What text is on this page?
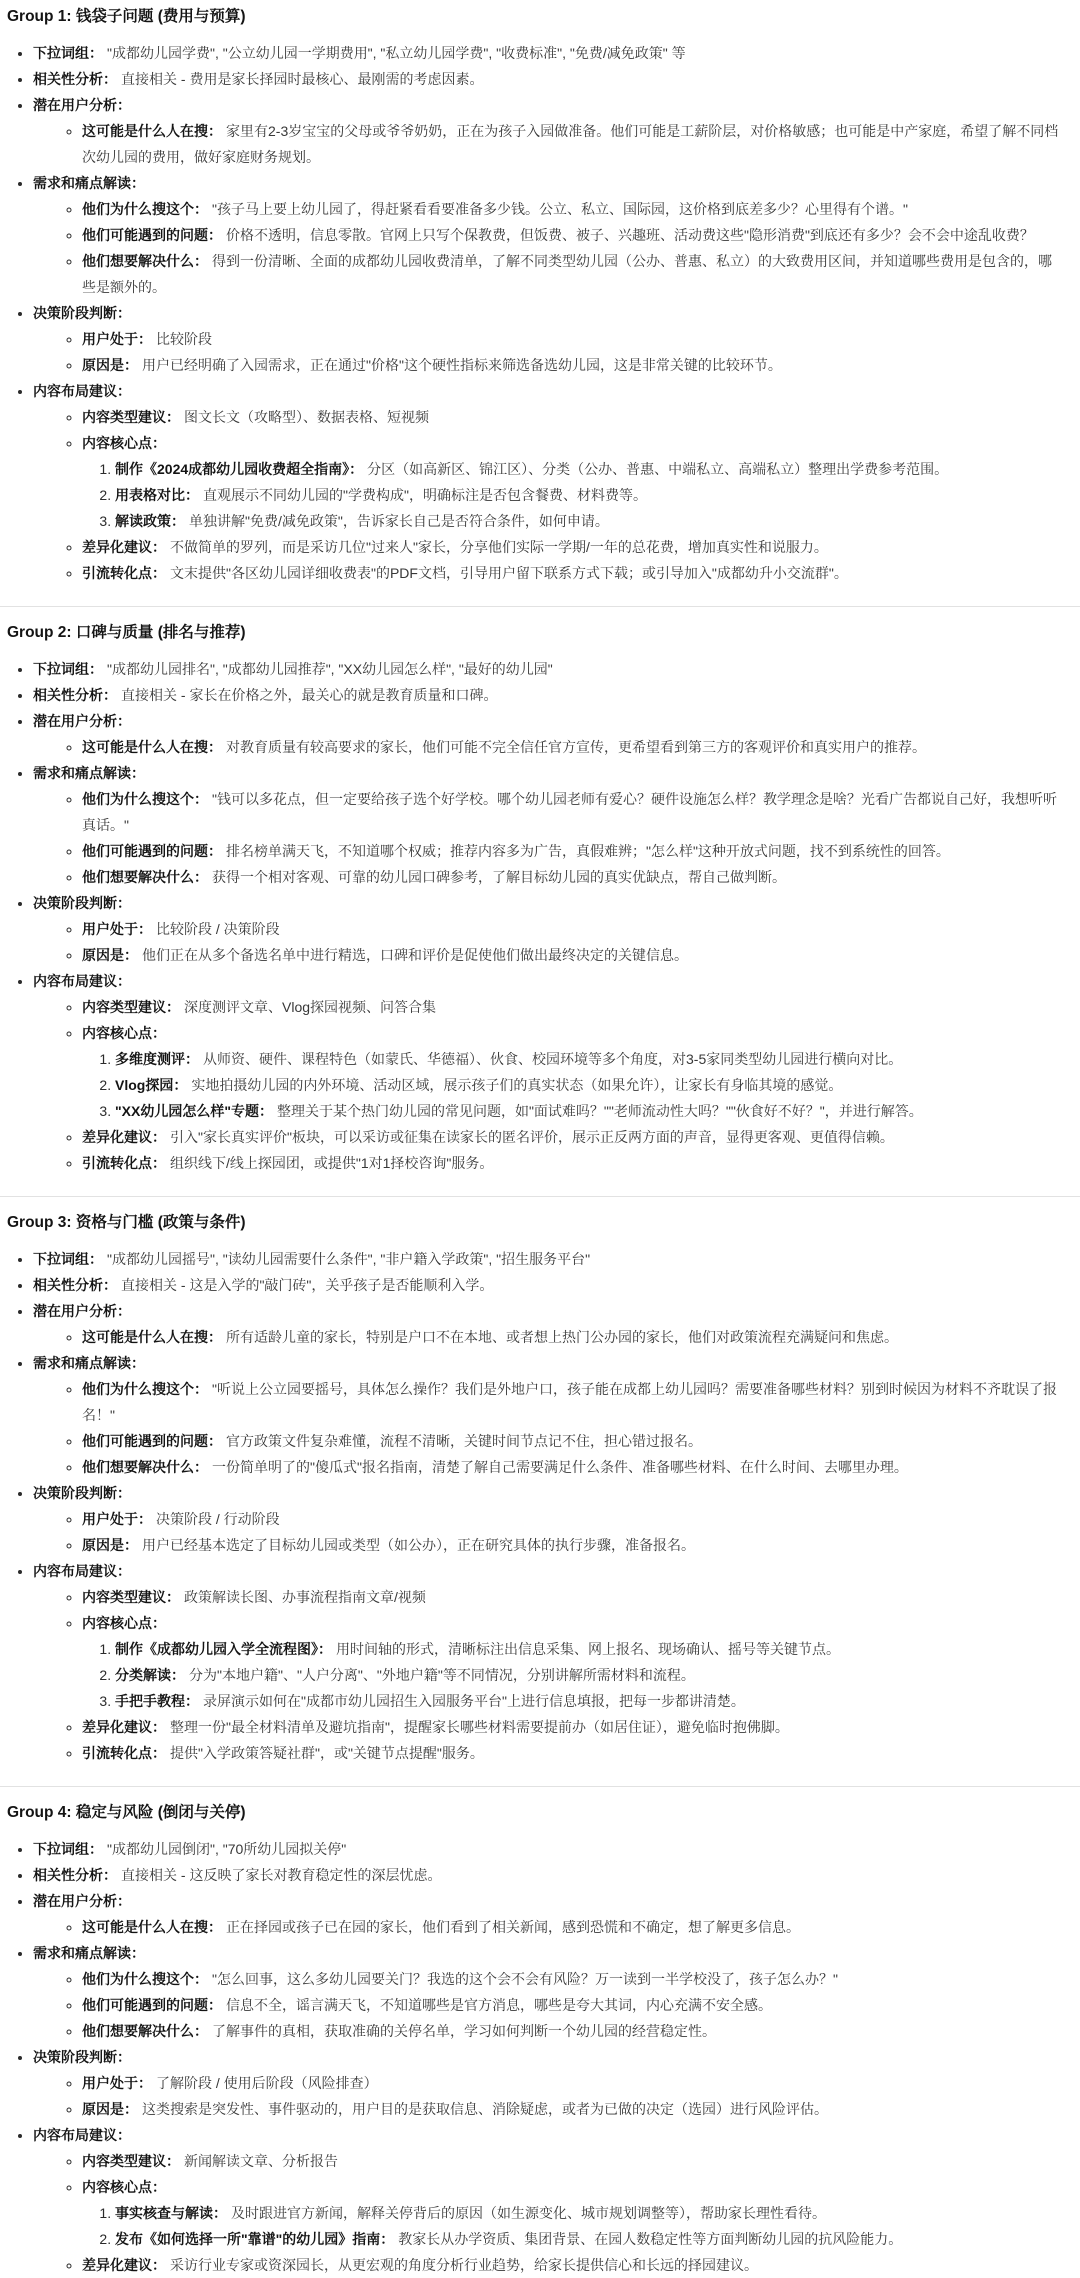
Group 1: 钱袋子问题 (费用与预算)
• 下拉词组： "成都幼儿园学费", "公立幼儿园一学期费用", "私立幼儿园学费", "收费标准", "免费/减免政策" 等
• 相关性分析： 直接相关 - 费用是家长择园时最核心、最刚需的考虑因素。
• 潜在用户分析：
◦ 这可能是什么人在搜： 家里有2-3岁宝宝的父母或爷爷奶奶，正在为孩子入园做准备。他们可能是工薪阶层，对价格敏感；也可能是中产家庭，希望了解不同档次幼儿园的费用，做好家庭财务规划。
• 需求和痛点解读：
◦ 他们为什么搜这个： "孩子马上要上幼儿园了，得赶紧看看要准备多少钱。公立、私立、国际园，这价格到底差多少？心里得有个谱。"
◦ 他们可能遇到的问题： 价格不透明，信息零散。官网上只写个保教费，但饭费、被子、兴趣班、活动费这些"隐形消费"到底还有多少？会不会中途乱收费？
◦ 他们想要解决什么： 得到一份清晰、全面的成都幼儿园收费清单，了解不同类型幼儿园（公办、普惠、私立）的大致费用区间，并知道哪些费用是包含的，哪些是额外的。
• 决策阶段判断：
◦ 用户处于： 比较阶段
◦ 原因是： 用户已经明确了入园需求，正在通过"价格"这个硬性指标来筛选备选幼儿园，这是非常关键的比较环节。
• 内容布局建议：
◦ 内容类型建议： 图文长文（攻略型）、数据表格、短视频
◦ 内容核心点：
1. 制作《2024成都幼儿园收费超全指南》： 分区（如高新区、锦江区）、分类（公办、普惠、中端私立、高端私立）整理出学费参考范围。
2. 用表格对比： 直观展示不同幼儿园的"学费构成"，明确标注是否包含餐费、材料费等。
3. 解读政策： 单独讲解"免费/减免政策"，告诉家长自己是否符合条件，如何申请。
◦ 差异化建议： 不做简单的罗列，而是采访几位"过来人"家长，分享他们实际一学期/一年的总花费，增加真实性和说服力。
◦ 引流转化点： 文末提供"各区幼儿园详细收费表"的PDF文档，引导用户留下联系方式下载；或引导加入"成都幼升小交流群"。
Group 2: 口碑与质量 (排名与推荐)
• 下拉词组： "成都幼儿园排名", "成都幼儿园推荐", "XX幼儿园怎么样", "最好的幼儿园"
• 相关性分析： 直接相关 - 家长在价格之外，最关心的就是教育质量和口碑。
• 潜在用户分析：
◦ 这可能是什么人在搜： 对教育质量有较高要求的家长，他们可能不完全信任官方宣传，更希望看到第三方的客观评价和真实用户的推荐。
• 需求和痛点解读：
◦ 他们为什么搜这个： "钱可以多花点，但一定要给孩子选个好学校。哪个幼儿园老师有爱心？硬件设施怎么样？教学理念是啥？光看广告都说自己好，我想听听真话。"
◦ 他们可能遇到的问题： 排名榜单满天飞，不知道哪个权威；推荐内容多为广告，真假难辨；"怎么样"这种开放式问题，找不到系统性的回答。
◦ 他们想要解决什么： 获得一个相对客观、可靠的幼儿园口碑参考，了解目标幼儿园的真实优缺点，帮自己做判断。
• 决策阶段判断：
◦ 用户处于： 比较阶段 / 决策阶段
◦ 原因是： 他们正在从多个备选名单中进行精选，口碑和评价是促使他们做出最终决定的关键信息。
• 内容布局建议：
◦ 内容类型建议： 深度测评文章、Vlog探园视频、问答合集
◦ 内容核心点：
1. 多维度测评： 从师资、硬件、课程特色（如蒙氏、华德福）、伙食、校园环境等多个角度，对3-5家同类型幼儿园进行横向对比。
2. Vlog探园： 实地拍摄幼儿园的内外环境、活动区域，展示孩子们的真实状态（如果允许），让家长有身临其境的感觉。
3. "XX幼儿园怎么样"专题： 整理关于某个热门幼儿园的常见问题，如"面试难吗？""老师流动性大吗？""伙食好不好？"，并进行解答。
◦ 差异化建议： 引入"家长真实评价"板块，可以采访或征集在读家长的匿名评价，展示正反两方面的声音，显得更客观、更值得信赖。
◦ 引流转化点： 组织线下/线上探园团，或提供"1对1择校咨询"服务。
Group 3: 资格与门槛 (政策与条件)
• 下拉词组： "成都幼儿园摇号", "读幼儿园需要什么条件", "非户籍入学政策", "招生服务平台"
• 相关性分析： 直接相关 - 这是入学的"敲门砖"，关乎孩子是否能顺利入学。
• 潜在用户分析：
◦ 这可能是什么人在搜： 所有适龄儿童的家长，特别是户口不在本地、或者想上热门公办园的家长，他们对政策流程充满疑问和焦虑。
• 需求和痛点解读：
◦ 他们为什么搜这个： "听说上公立园要摇号，具体怎么操作？我们是外地户口，孩子能在成都上幼儿园吗？需要准备哪些材料？别到时候因为材料不齐耽误了报名！"
◦ 他们可能遇到的问题： 官方政策文件复杂难懂，流程不清晰，关键时间节点记不住，担心错过报名。
◦ 他们想要解决什么： 一份简单明了的"傻瓜式"报名指南，清楚了解自己需要满足什么条件、准备哪些材料、在什么时间、去哪里办理。
• 决策阶段判断：
◦ 用户处于： 决策阶段 / 行动阶段
◦ 原因是： 用户已经基本选定了目标幼儿园或类型（如公办），正在研究具体的执行步骤，准备报名。
• 内容布局建议：
◦ 内容类型建议： 政策解读长图、办事流程指南文章/视频
◦ 内容核心点：
1. 制作《成都幼儿园入学全流程图》： 用时间轴的形式，清晰标注出信息采集、网上报名、现场确认、摇号等关键节点。
2. 分类解读： 分为"本地户籍"、"人户分离"、"外地户籍"等不同情况，分别讲解所需材料和流程。
3. 手把手教程： 录屏演示如何在"成都市幼儿园招生入园服务平台"上进行信息填报，把每一步都讲清楚。
◦ 差异化建议： 整理一份"最全材料清单及避坑指南"，提醒家长哪些材料需要提前办（如居住证），避免临时抱佛脚。
◦ 引流转化点： 提供"入学政策答疑社群"，或"关键节点提醒"服务。
Group 4: 稳定与风险 (倒闭与关停)
• 下拉词组： "成都幼儿园倒闭", "70所幼儿园拟关停"
• 相关性分析： 直接相关 - 这反映了家长对教育稳定性的深层忧虑。
• 潜在用户分析：
◦ 这可能是什么人在搜： 正在择园或孩子已在园的家长，他们看到了相关新闻，感到恐慌和不确定，想了解更多信息。
• 需求和痛点解读：
◦ 他们为什么搜这个： "怎么回事，这么多幼儿园要关门？我选的这个会不会有风险？万一读到一半学校没了，孩子怎么办？"
◦ 他们可能遇到的问题： 信息不全，谣言满天飞，不知道哪些是官方消息，哪些是夸大其词，内心充满不安全感。
◦ 他们想要解决什么： 了解事件的真相，获取准确的关停名单，学习如何判断一个幼儿园的经营稳定性。
• 决策阶段判断：
◦ 用户处于： 了解阶段 / 使用后阶段（风险排查）
◦ 原因是： 这类搜索是突发性、事件驱动的，用户目的是获取信息、消除疑虑，或者为已做的决定（选园）进行风险评估。
• 内容布局建议：
◦ 内容类型建议： 新闻解读文章、分析报告
◦ 内容核心点：
1. 事实核查与解读： 及时跟进官方新闻，解释关停背后的原因（如生源变化、城市规划调整等），帮助家长理性看待。
2. 发布《如何选择一所"靠谱"的幼儿园》指南： 教家长从办学资质、集团背景、在园人数稳定性等方面判断幼儿园的抗风险能力。
◦ 差异化建议： 采访行业专家或资深园长，从更宏观的角度分析行业趋势，给家长提供信心和长远的择园建议。
